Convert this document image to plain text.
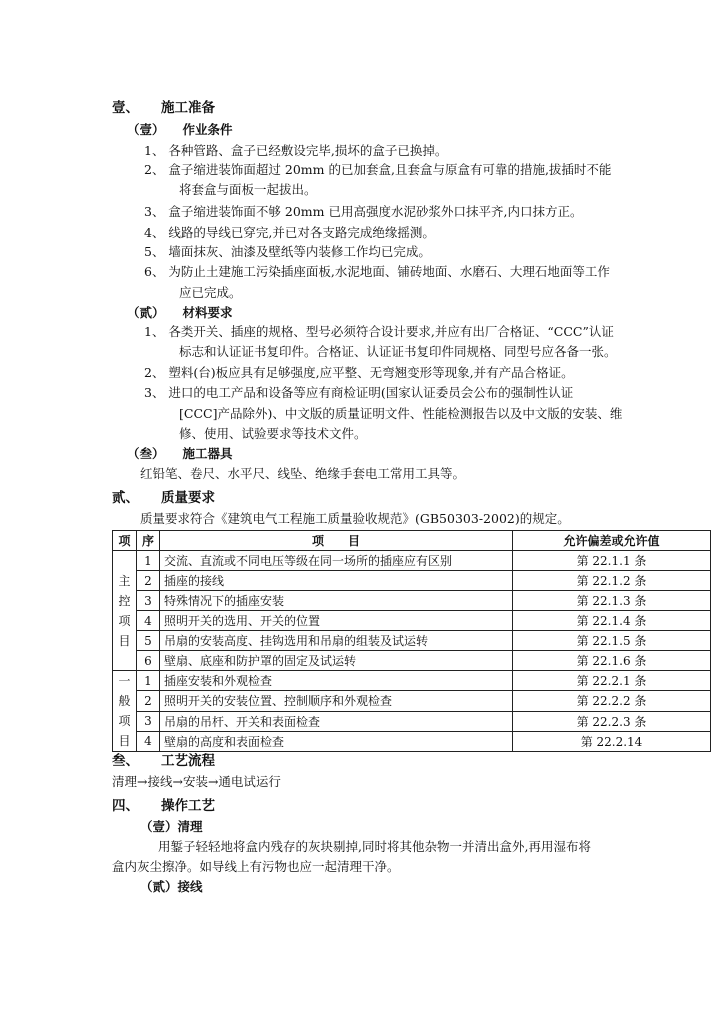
壹、 施工准备
（壹） 作业条件
1、 各种管路、盒子已经敷设完毕,损坏的盒子已换掉。
2、 盒子缩进装饰面超过 20mm 的已加套盒,且套盒与原盒有可靠的措施,拔插时不能
将套盒与面板一起拔出。
3、 盒子缩进装饰面不够 20mm 已用高强度水泥砂浆外口抹平齐,内口抹方正。
4、 线路的导线已穿完,并已对各支路完成绝缘摇测。
5、 墙面抹灰、油漆及壁纸等内装修工作均已完成。
6、 为防止土建施工污染插座面板,水泥地面、铺砖地面、水磨石、大理石地面等工作
应已完成。
（贰） 材料要求
1、 各类开关、插座的规格、型号必须符合设计要求,并应有出厂合格证、“CCC”认证
标志和认证证书复印件。合格证、认证证书复印件同规格、同型号应各备一张。
2、 塑料(台)板应具有足够强度,应平整、无弯翘变形等现象,并有产品合格证。
3、 进口的电工产品和设备等应有商检证明(国家认证委员会公布的强制性认证
[CCC]产品除外)、中文版的质量证明文件、性能检测报告以及中文版的安装、维
修、使用、试验要求等技术文件。
（叁） 施工器具
红铅笔、卷尺、水平尺、线坠、绝缘手套电工常用工具等。
贰、 质量要求
质量要求符合《建筑电气工程施工质量验收规范》(GB50303-2002)的规定。
项	序	项　　目	允许偏差或允许值

主
控
项
目	1	交流、直流或不同电压等级在同一场所的插座应有区别	第 22.1.1 条
	2	插座的接线	第 22.1.2 条
	3	特殊情况下的插座安装	第 22.1.3 条
	4	照明开关的选用、开关的位置	第 22.1.4 条
	5	吊扇的安装高度、挂钩选用和吊扇的组装及试运转	第 22.1.5 条
	6	壁扇、底座和防护罩的固定及试运转	第 22.1.6 条

一
般
项
目	1	插座安装和外观检查	第 22.2.1 条
	2	照明开关的安装位置、控制顺序和外观检查	第 22.2.2 条
	3	吊扇的吊杆、开关和表面检查	第 22.2.3 条
	4	壁扇的高度和表面检查	第 22.2.14
叁、 工艺流程
清理→接线→安装→通电试运行
四、 操作工艺
（壹）清理
用錾子轻轻地将盒内残存的灰块剔掉,同时将其他杂物一并清出盒外,再用湿布将
盒内灰尘擦净。如导线上有污物也应一起清理干净。
（贰）接线
